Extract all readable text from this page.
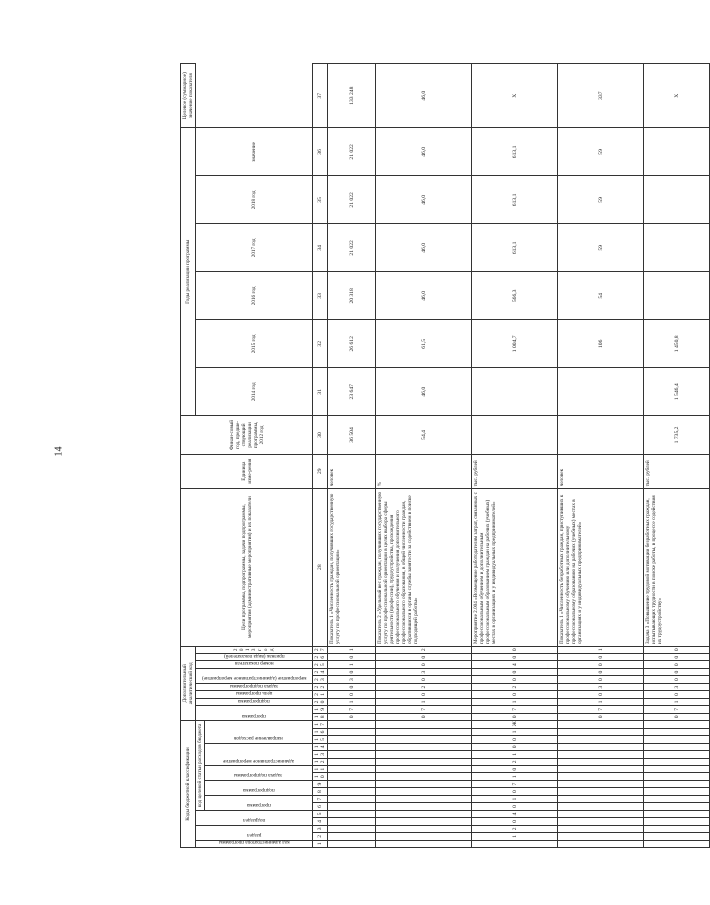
14
Коды бюджетной классификации																	Дополнительный аналитический код										Цели программы, подпрограммы, задачи подпрограммы, мероприятия (административные мероприятия) и их показатели	Единица изме-рения	Финан-совый год, предше-ствующий реализации программы, 2012 год	Годы реализации программы						Целевое (суммарное) значение показателя

код администратора программы	раздел		подраздел		код целевой статьи расходов бюджета												программа		подпрограмма	цель программы	задача подпрограммы	мероприятие (административное мероприятие)		номер показателя	признак (вида показателей)	2013 год				2014 год	2015 год	2016 год	2017 год	2018 год	значение	

					программа		подпрограмма		задача подпрограммы		административное мероприятие			направление расходов																						

1	2	3	4	5	6	7	8	9	10	11	12	13	14	15	16	17	18	19	20	21	22	23	24	25	26	27	28	29	30	31	32	33	34	35	36	37
																	0	7	1	0	0	3	0	1	0	1	Показатель 1 «Численность граждан, получивших государственную услугу по профессиональной ориентации»	человек	36 504	23 647	26 612	20 318	21 022	21 022	21 022	133 248
																	0	7	1	0	2	0	3	0	0	2	Показатель 2 «Удельный вес граждан, получивших государственную услугу по профессиональной ориентации в целях выбора сферы деятельности (профессии), трудоустройства, прохождения профессионального обучения и получения дополнительного профессионального образования, в общей численности граждан, обратившихся в органы службы занятости за содействием в поиске подходящей работы»	%	54,4	46,0	61,5	46,0	46,0	46,0	46,0	46,0
	1	2	0	4	0	1	0	7	1	0	2	1	0	0	1	Ж	0	7	1	0	2	0	0	4	0	0	Мероприятие 2.004 «Возмещение работодателям затрат, связанных с профессиональным обучением и дополнительным профессиональным образованием граждан на рабочих (учебных) местах в организациях и у индивидуальных предпринимателей»	тыс. рублей			1 004,7	566,3	613,1	613,1	613,1	X
																	0	7	1	0	3	0	0	0	0	1	Показатель 1 «Численность безработных граждан, приступивших к профессиональному обучению или дополнительному профессиональному образованию на рабочих (учебных) местах в организациях и у индивидуальных предпринимателей»	человек			106	54	59	59	59	337
																	0	7	1	0	3	0	0	0	0	0	Задача 3 «Повышение трудовой мотивации безработных граждан, испытывающих трудности в поиске работы, в процессе содействия их трудоустройству»	тыс. рублей	1 735,2	1 546,4	1 450,8					X
